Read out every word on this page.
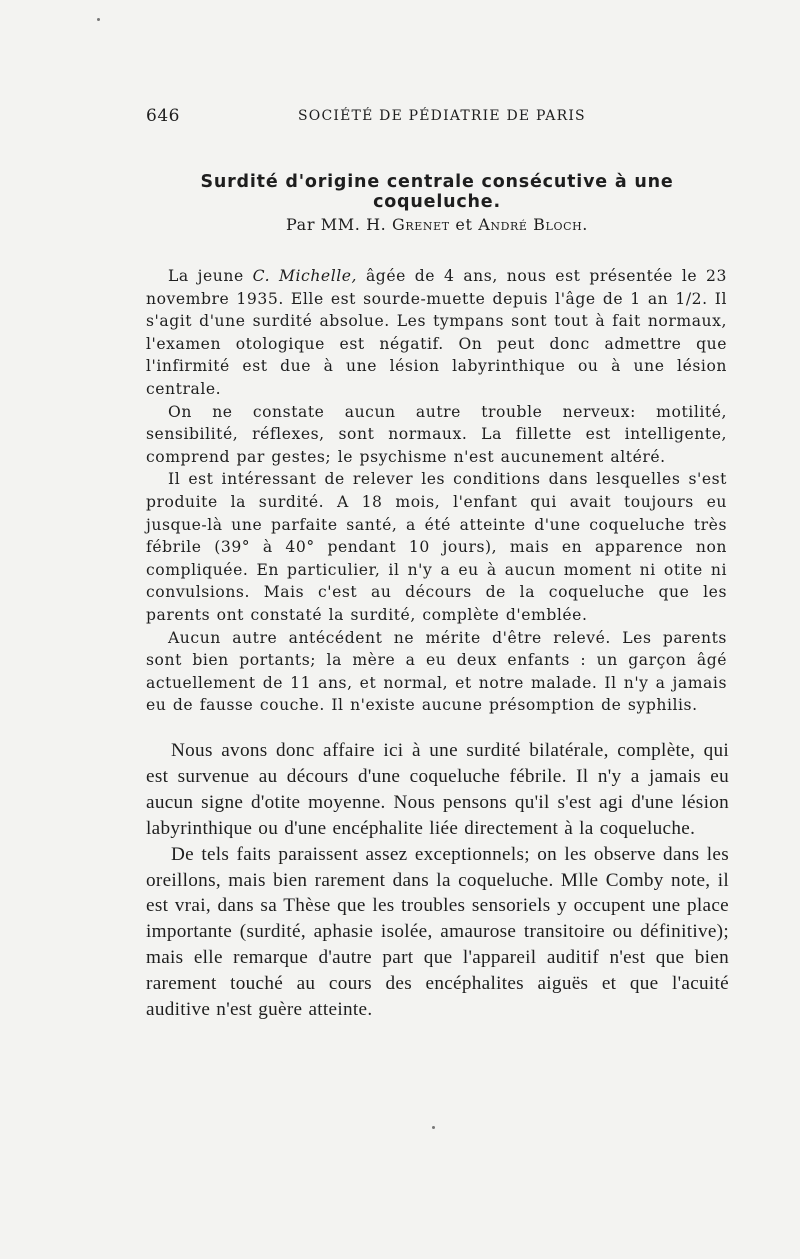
646	SOCIÉTÉ DE PÉDIATRIE DE PARIS
Surdité d'origine centrale consécutive à une coqueluche.
Par MM. H. Grenet et André Bloch.

La jeune C. Michelle, âgée de 4 ans, nous est présentée le 23 novembre 1935. Elle est sourde-muette depuis l'âge de 1 an 1/2. Il s'agit d'une surdité absolue. Les tympans sont tout à fait normaux, l'examen otologique est négatif. On peut donc admettre que l'infirmité est due à une lésion labyrinthique ou à une lésion centrale.

On ne constate aucun autre trouble nerveux: motilité, sensibilité, réflexes, sont normaux. La fillette est intelligente, comprend par gestes; le psychisme n'est aucunement altéré.

Il est intéressant de relever les conditions dans lesquelles s'est produite la surdité. A 18 mois, l'enfant qui avait toujours eu jusque-là une parfaite santé, a été atteinte d'une coqueluche très fébrile (39° à 40° pendant 10 jours), mais en apparence non compliquée. En particulier, il n'y a eu à aucun moment ni otite ni convulsions. Mais c'est au décours de la coqueluche que les parents ont constaté la surdité, complète d'emblée.

Aucun autre antécédent ne mérite d'être relevé. Les parents sont bien portants; la mère a eu deux enfants : un garçon âgé actuellement de 11 ans, et normal, et notre malade. Il n'y a jamais eu de fausse couche. Il n'existe aucune présomption de syphilis.

Nous avons donc affaire ici à une surdité bilatérale, complète, qui est survenue au décours d'une coqueluche fébrile. Il n'y a jamais eu aucun signe d'otite moyenne. Nous pensons qu'il s'est agi d'une lésion labyrinthique ou d'une encéphalite liée directement à la coqueluche.

De tels faits paraissent assez exceptionnels; on les observe dans les oreillons, mais bien rarement dans la coqueluche. Mlle Comby note, il est vrai, dans sa Thèse que les troubles sensoriels y occupent une place importante (surdité, aphasie isolée, amaurose transitoire ou définitive); mais elle remarque d'autre part que l'appareil auditif n'est que bien rarement touché au cours des encéphalites aiguës et que l'acuité auditive n'est guère atteinte.
